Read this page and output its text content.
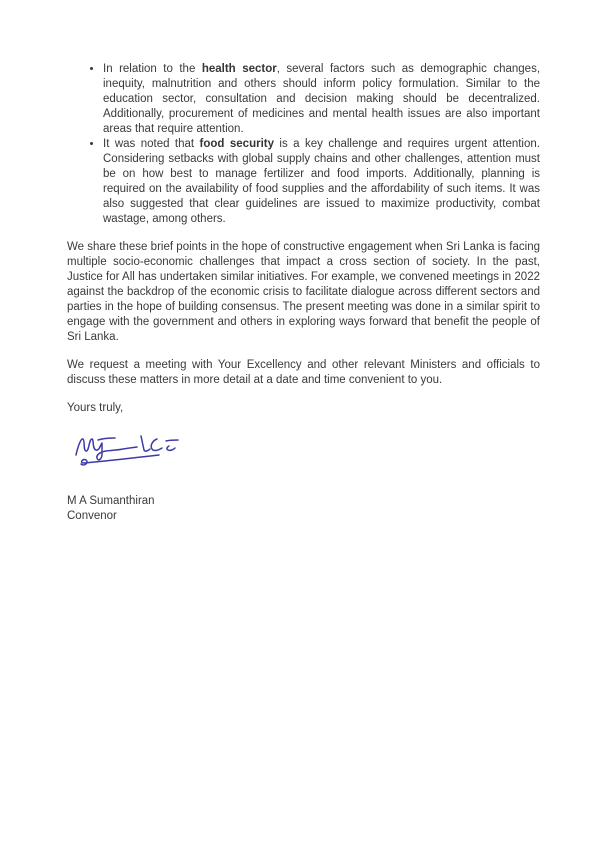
• In relation to the health sector, several factors such as demographic changes, inequity, malnutrition and others should inform policy formulation. Similar to the education sector, consultation and decision making should be decentralized. Additionally, procurement of medicines and mental health issues are also important areas that require attention.
• It was noted that food security is a key challenge and requires urgent attention. Considering setbacks with global supply chains and other challenges, attention must be on how best to manage fertilizer and food imports. Additionally, planning is required on the availability of food supplies and the affordability of such items. It was also suggested that clear guidelines are issued to maximize productivity, combat wastage, among others.

We share these brief points in the hope of constructive engagement when Sri Lanka is facing multiple socio-economic challenges that impact a cross section of society. In the past, Justice for All has undertaken similar initiatives. For example, we convened meetings in 2022 against the backdrop of the economic crisis to facilitate dialogue across different sectors and parties in the hope of building consensus. The present meeting was done in a similar spirit to engage with the government and others in exploring ways forward that benefit the people of Sri Lanka.

We request a meeting with Your Excellency and other relevant Ministers and officials to discuss these matters in more detail at a date and time convenient to you.

Yours truly,

M A Sumanthiran

Convenor
